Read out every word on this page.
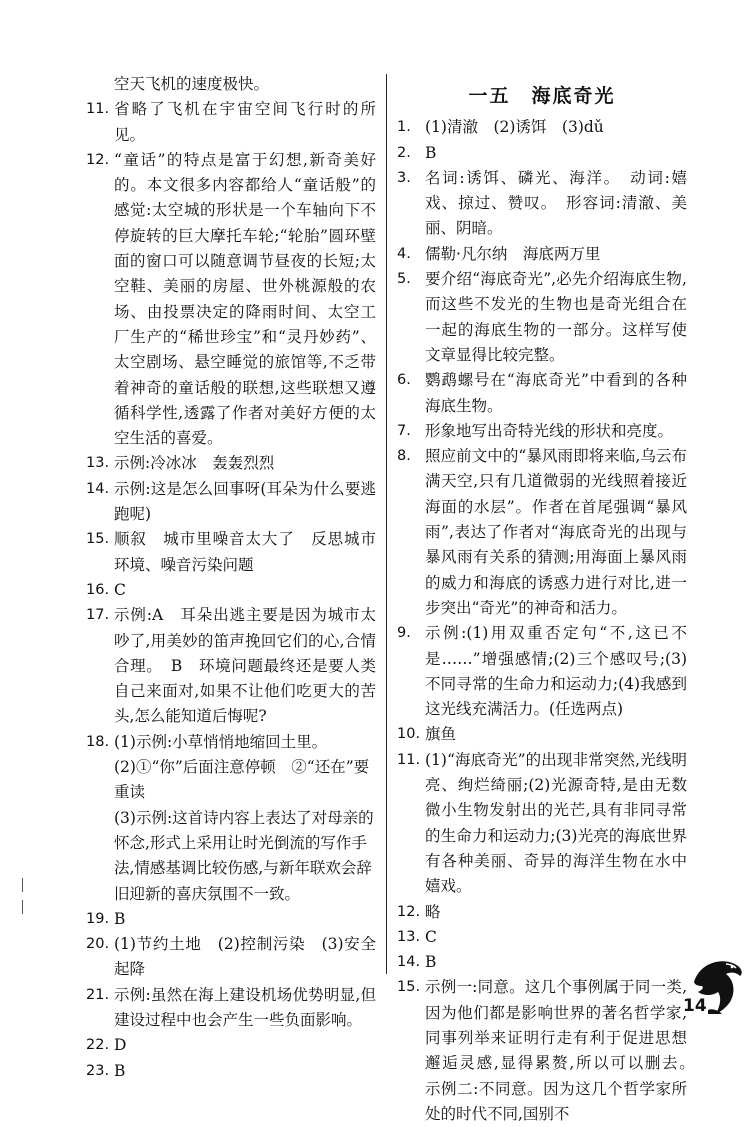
空天飞机的速度极快。
11. 省略了飞机在宇宙空间飞行时的所见。
12. “童话”的特点是富于幻想,新奇美好的。本文很多内容都给人“童话般”的感觉:太空城的形状是一个车轴向下不停旋转的巨大摩托车轮;“轮胎”圆环壁面的窗口可以随意调节昼夜的长短;太空鞋、美丽的房屋、世外桃源般的农场、由投票决定的降雨时间、太空工厂生产的“稀世珍宝”和“灵丹妙药”、太空剧场、悬空睡觉的旅馆等,不乏带着神奇的童话般的联想,这些联想又遵循科学性,透露了作者对美好方便的太空生活的喜爱。
13. 示例:冷冰冰　轰轰烈烈
14. 示例:这是怎么回事呀(耳朵为什么要逃跑呢)
15. 顺叙　城市里噪音太大了　反思城市环境、噪音污染问题
16. C
17. 示例:A　耳朵出逃主要是因为城市太吵了,用美妙的笛声挽回它们的心,合情合理。　B　环境问题最终还是要人类自己来面对,如果不让他们吃更大的苦头,怎么能知道后悔呢?
18. (1)示例:小草悄悄地缩回土里。
(2)①“你”后面注意停顿　②“还在”要重读
(3)示例:这首诗内容上表达了对母亲的怀念,形式上采用让时光倒流的写作手法,情感基调比较伤感,与新年联欢会辞旧迎新的喜庆氛围不一致。
19. B
20. (1)节约土地　(2)控制污染　(3)安全起降
21. 示例:虽然在海上建设机场优势明显,但建设过程中也会产生一些负面影响。
22. D
23. B
一五　海底奇光
1. (1)清澈　(2)诱饵　(3)dǔ
2. B
3. 名词:诱饵、磷光、海洋。　动词:嬉戏、掠过、赞叹。　形容词:清澈、美丽、阴暗。
4. 儒勒·凡尔纳　海底两万里
5. 要介绍“海底奇光”,必先介绍海底生物,而这些不发光的生物也是奇光组合在一起的海底生物的一部分。这样写使文章显得比较完整。
6. 鹦鹉螺号在“海底奇光”中看到的各种海底生物。
7. 形象地写出奇特光线的形状和亮度。
8. 照应前文中的“暴风雨即将来临,乌云布满天空,只有几道微弱的光线照着接近海面的水层”。作者在首尾强调“暴风雨”,表达了作者对“海底奇光的出现与暴风雨有关系的猜测;用海面上暴风雨的威力和海底的诱惑力进行对比,进一步突出“奇光”的神奇和活力。
9. 示例:(1)用双重否定句“不,这已不是……”增强感情;(2)三个感叹号;(3)不同寻常的生命力和运动力;(4)我感到这光线充满活力。(任选两点)
10. 旗鱼
11. (1)“海底奇光”的出现非常突然,光线明亮、绚烂绮丽;(2)光源奇特,是由无数微小生物发射出的光芒,具有非同寻常的生命力和运动力;(3)光亮的海底世界有各种美丽、奇异的海洋生物在水中嬉戏。
12. 略
13. C
14. B
15. 示例一:同意。这几个事例属于同一类,因为他们都是影响世界的著名哲学家,同事列举来证明行走有利于促进思想邂逅灵感,显得累赘,所以可以删去。　示例二:不同意。因为这几个哲学家所处的时代不同,国别不
14
